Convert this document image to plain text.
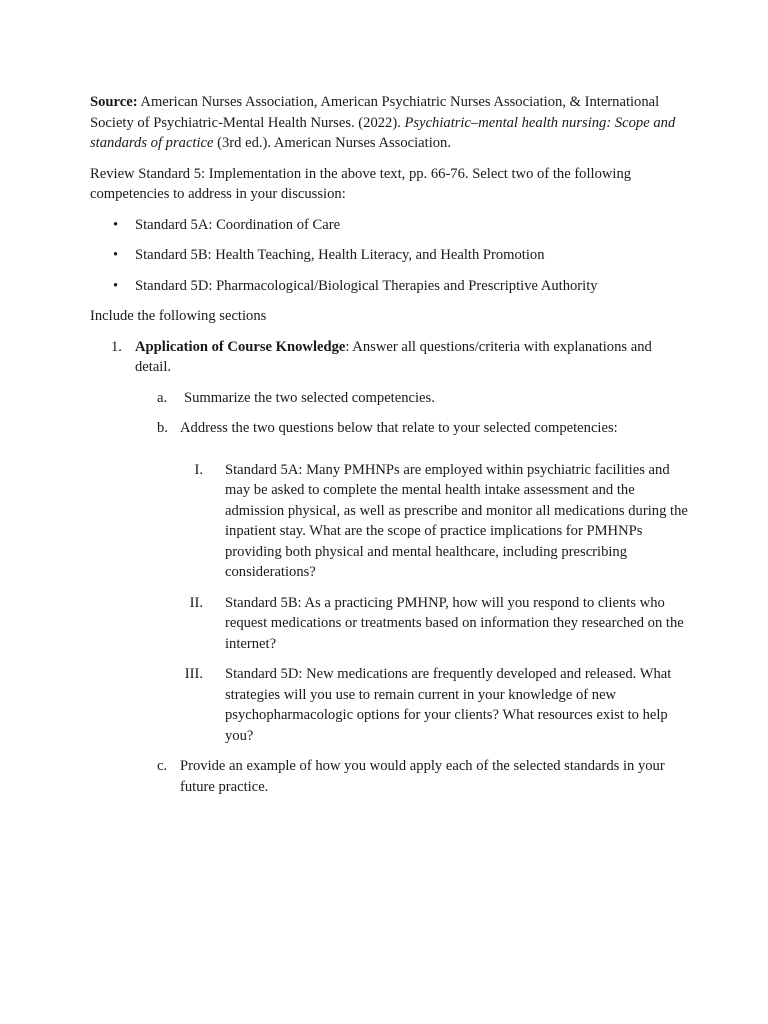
Source: American Nurses Association, American Psychiatric Nurses Association, & International Society of Psychiatric-Mental Health Nurses. (2022). Psychiatric–mental health nursing: Scope and standards of practice (3rd ed.). American Nurses Association.

Review Standard 5: Implementation in the above text, pp. 66-76. Select two of the following competencies to address in your discussion:

• Standard 5A: Coordination of Care
• Standard 5B: Health Teaching, Health Literacy, and Health Promotion
• Standard 5D: Pharmacological/Biological Therapies and Prescriptive Authority

Include the following sections

1. Application of Course Knowledge: Answer all questions/criteria with explanations and detail.
a. Summarize the two selected competencies.
b. Address the two questions below that relate to your selected competencies:
I. Standard 5A: Many PMHNPs are employed within psychiatric facilities and may be asked to complete the mental health intake assessment and the admission physical, as well as prescribe and monitor all medications during the inpatient stay. What are the scope of practice implications for PMHNPs providing both physical and mental healthcare, including prescribing considerations?
II. Standard 5B: As a practicing PMHNP, how will you respond to clients who request medications or treatments based on information they researched on the internet?
III. Standard 5D: New medications are frequently developed and released. What strategies will you use to remain current in your knowledge of new psychopharmacologic options for your clients? What resources exist to help you?
c. Provide an example of how you would apply each of the selected standards in your future practice.
